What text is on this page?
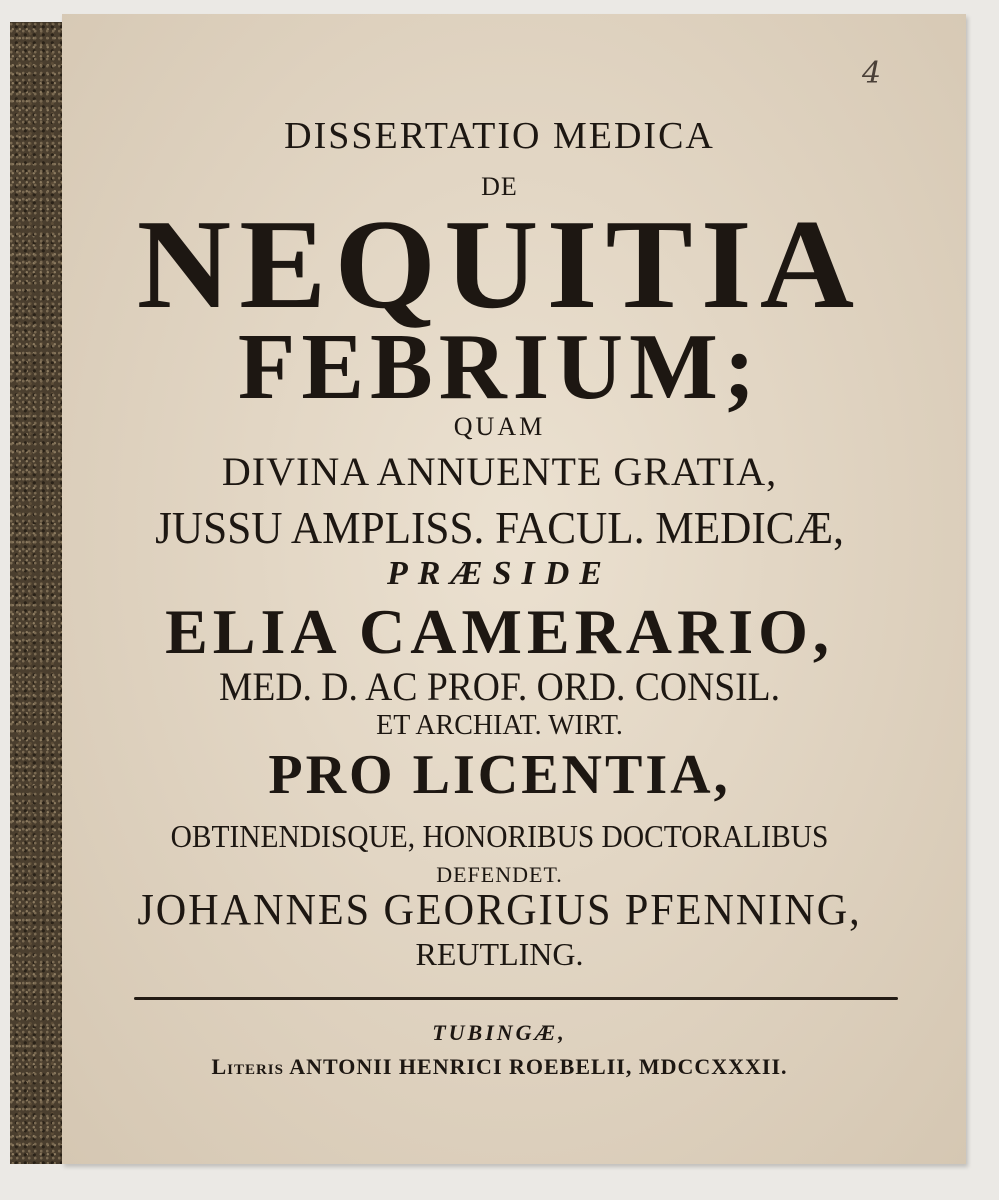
4
DISSERTATIO MEDICA
DE
NEQUITIA
FEBRIUM;
QUAM
DIVINA ANNUENTE GRATIA,
JUSSU AMPLISS. FACUL. MEDICÆ,
PRÆSIDE
ELIA CAMERARIO,
MED. D. AC PROF. ORD. CONSIL.
ET ARCHIAT. WIRT.
PRO LICENTIA,
OBTINENDISQUE, HONORIBUS DOCTORALIBUS
DEFENDET.
JOHANNES GEORGIUS PFENNING,
REUTLING.
TUBINGÆ,
Literis ANTONII HENRICI ROEBELII, MDCCXXXII.
